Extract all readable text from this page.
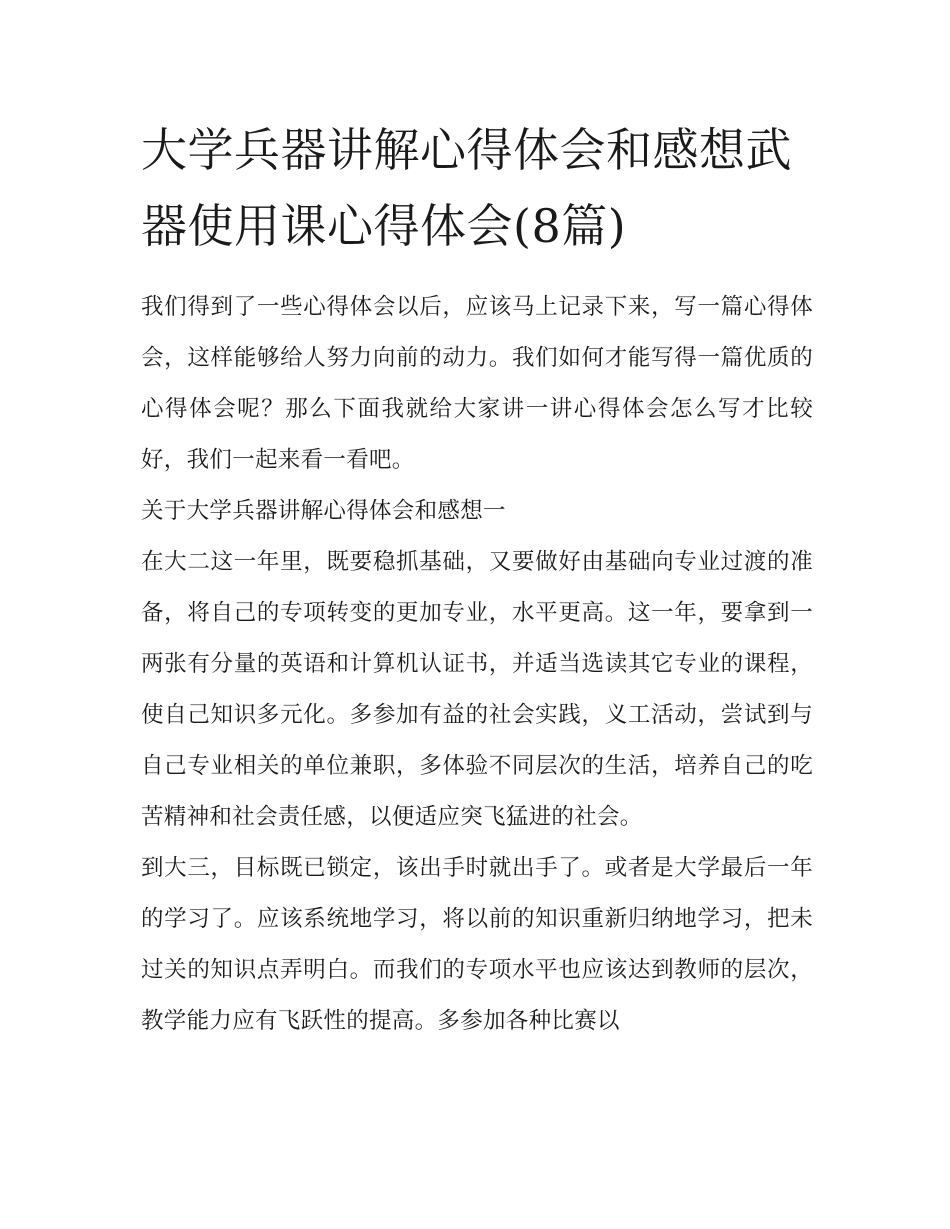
大学兵器讲解心得体会和感想武器使用课心得体会(8篇)

我们得到了一些心得体会以后，应该马上记录下来，写一篇心得体会，这样能够给人努力向前的动力。我们如何才能写得一篇优质的心得体会呢？那么下面我就给大家讲一讲心得体会怎么写才比较好，我们一起来看一看吧。

关于大学兵器讲解心得体会和感想一

在大二这一年里，既要稳抓基础，又要做好由基础向专业过渡的准备，将自己的专项转变的更加专业，水平更高。这一年，要拿到一两张有分量的英语和计算机认证书，并适当选读其它专业的课程，使自己知识多元化。多参加有益的社会实践，义工活动，尝试到与自己专业相关的单位兼职，多体验不同层次的生活，培养自己的吃苦精神和社会责任感，以便适应突飞猛进的社会。

到大三，目标既已锁定，该出手时就出手了。或者是大学最后一年的学习了。应该系统地学习，将以前的知识重新归纳地学习，把未过关的知识点弄明白。而我们的专项水平也应该达到教师的层次，教学能力应有飞跃性的提高。多参加各种比赛以
